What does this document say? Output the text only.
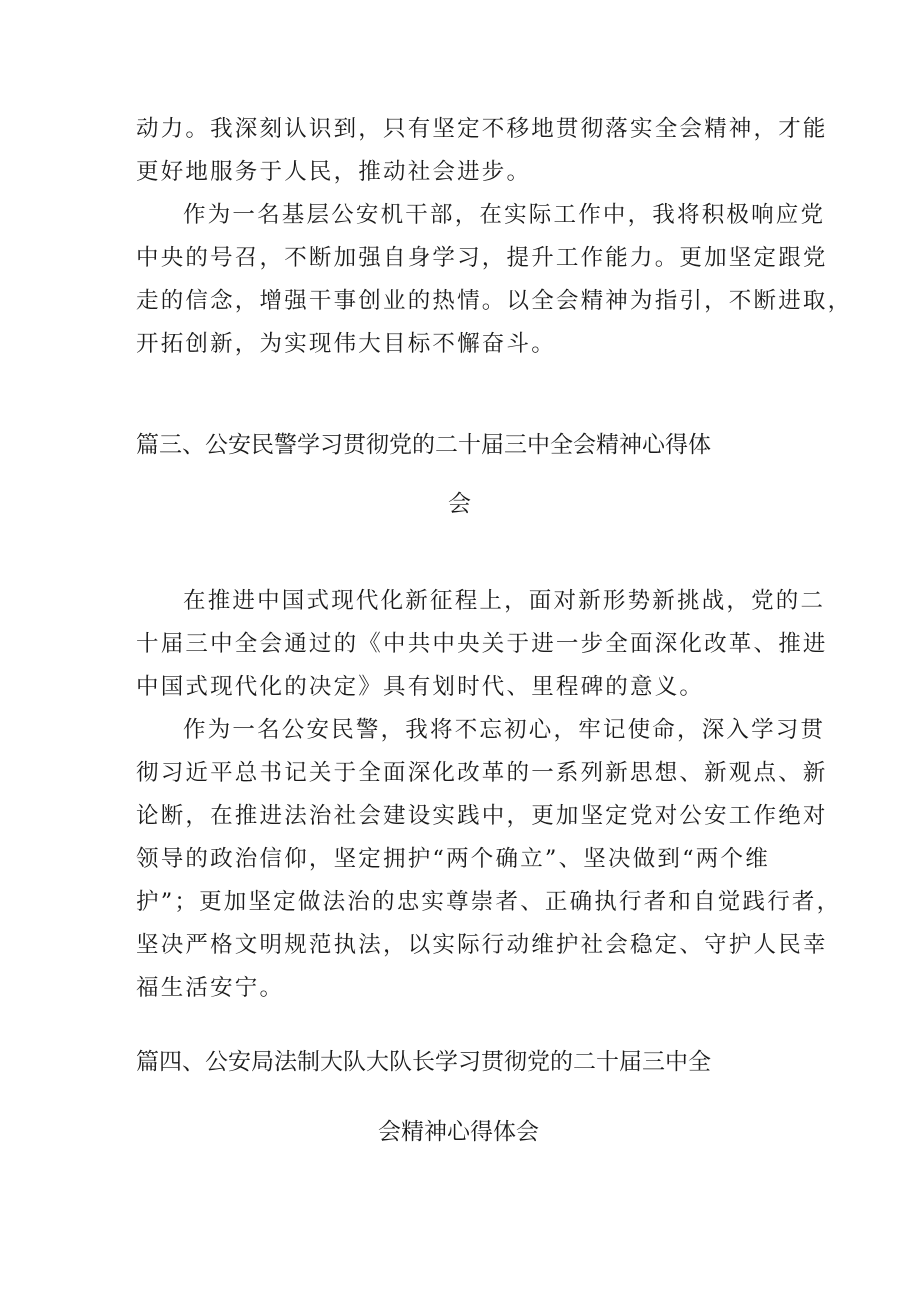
动力。我深刻认识到，只有坚定不移地贯彻落实全会精神，才能
更好地服务于人民，推动社会进步。
作为一名基层公安机干部，在实际工作中，我将积极响应党
中央的号召，不断加强自身学习，提升工作能力。更加坚定跟党
走的信念，增强干事创业的热情。以全会精神为指引，不断进取，
开拓创新，为实现伟大目标不懈奋斗。
篇三、公安民警学习贯彻党的二十届三中全会精神心得体
会
在推进中国式现代化新征程上，面对新形势新挑战，党的二
十届三中全会通过的《中共中央关于进一步全面深化改革、推进
中国式现代化的决定》具有划时代、里程碑的意义。
作为一名公安民警，我将不忘初心，牢记使命，深入学习贯
彻习近平总书记关于全面深化改革的一系列新思想、新观点、新
论断，在推进法治社会建设实践中，更加坚定党对公安工作绝对
领导的政治信仰，坚定拥护“两个确立”、坚决做到“两个维
护”；更加坚定做法治的忠实尊崇者、正确执行者和自觉践行者，
坚决严格文明规范执法，以实际行动维护社会稳定、守护人民幸
福生活安宁。
篇四、公安局法制大队大队长学习贯彻党的二十届三中全
会精神心得体会
